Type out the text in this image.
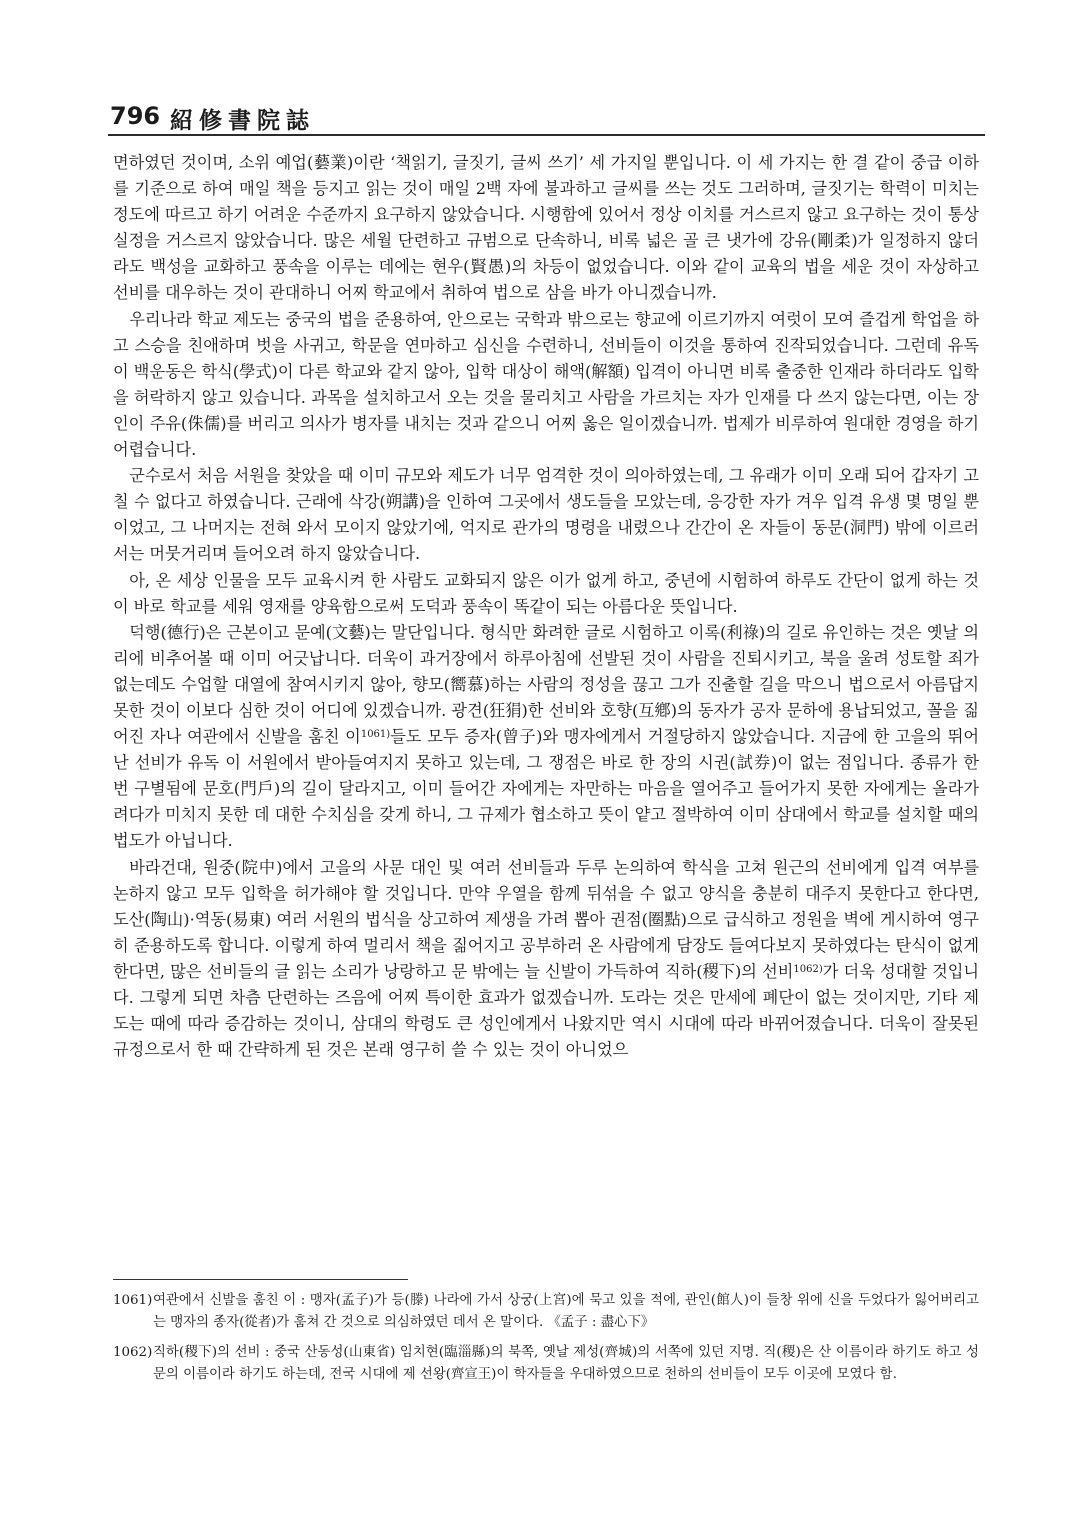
796 紹修書院誌

면하였던 것이며, 소위 예업(藝業)이란 ‘책읽기, 글짓기, 글씨 쓰기’ 세 가지일 뿐입니다. 이 세 가지는 한 결 같이 중급 이하를 기준으로 하여 매일 책을 등지고 읽는 것이 매일 2백 자에 불과하고 글씨를 쓰는 것도 그러하며, 글짓기는 학력이 미치는 정도에 따르고 하기 어려운 수준까지 요구하지 않았습니다. 시행함에 있어서 정상 이치를 거스르지 않고 요구하는 것이 통상 실정을 거스르지 않았습니다. 많은 세월 단련하고 규범으로 단속하니, 비록 넓은 골 큰 냇가에 강유(剛柔)가 일정하지 않더라도 백성을 교화하고 풍속을 이루는 데에는 현우(賢愚)의 차등이 없었습니다. 이와 같이 교육의 법을 세운 것이 자상하고 선비를 대우하는 것이 관대하니 어찌 학교에서 취하여 법으로 삼을 바가 아니겠습니까.

우리나라 학교 제도는 중국의 법을 준용하여, 안으로는 국학과 밖으로는 향교에 이르기까지 여럿이 모여 즐겁게 학업을 하고 스승을 친애하며 벗을 사귀고, 학문을 연마하고 심신을 수련하니, 선비들이 이것을 통하여 진작되었습니다. 그런데 유독 이 백운동은 학식(學式)이 다른 학교와 같지 않아, 입학 대상이 해액(解額) 입격이 아니면 비록 출중한 인재라 하더라도 입학을 허락하지 않고 있습니다. 과목을 설치하고서 오는 것을 물리치고 사람을 가르치는 자가 인재를 다 쓰지 않는다면, 이는 장인이 주유(侏儒)를 버리고 의사가 병자를 내치는 것과 같으니 어찌 옳은 일이겠습니까. 법제가 비루하여 원대한 경영을 하기 어렵습니다.

군수로서 처음 서원을 찾았을 때 이미 규모와 제도가 너무 엄격한 것이 의아하였는데, 그 유래가 이미 오래 되어 갑자기 고칠 수 없다고 하였습니다. 근래에 삭강(朔講)을 인하여 그곳에서 생도들을 모았는데, 응강한 자가 겨우 입격 유생 몇 명일 뿐이었고, 그 나머지는 전혀 와서 모이지 않았기에, 억지로 관가의 명령을 내렸으나 간간이 온 자들이 동문(洞門) 밖에 이르러서는 머뭇거리며 들어오려 하지 않았습니다.

아, 온 세상 인물을 모두 교육시켜 한 사람도 교화되지 않은 이가 없게 하고, 중년에 시험하여 하루도 간단이 없게 하는 것이 바로 학교를 세워 영재를 양육함으로써 도덕과 풍속이 똑같이 되는 아름다운 뜻입니다.

덕행(德行)은 근본이고 문예(文藝)는 말단입니다. 형식만 화려한 글로 시험하고 이록(利祿)의 길로 유인하는 것은 옛날 의리에 비추어볼 때 이미 어긋납니다. 더욱이 과거장에서 하루아침에 선발된 것이 사람을 진퇴시키고, 북을 울려 성토할 죄가 없는데도 수업할 대열에 참여시키지 않아, 향모(嚮慕)하는 사람의 정성을 끊고 그가 진출할 길을 막으니 법으로서 아름답지 못한 것이 이보다 심한 것이 어디에 있겠습니까. 광견(狂狷)한 선비와 호향(互鄕)의 동자가 공자 문하에 용납되었고, 꼴을 짊어진 자나 여관에서 신발을 훔친 이$^{1061)}$들도 모두 증자(曾子)와 맹자에게서 거절당하지 않았습니다. 지금에 한 고을의 뛰어난 선비가 유독 이 서원에서 받아들여지지 못하고 있는데, 그 쟁점은 바로 한 장의 시권(試券)이 없는 점입니다. 종류가 한 번 구별됨에 문호(門戶)의 길이 달라지고, 이미 들어간 자에게는 자만하는 마음을 열어주고 들어가지 못한 자에게는 올라가려다가 미치지 못한 데 대한 수치심을 갖게 하니, 그 규제가 협소하고 뜻이 얕고 절박하여 이미 삼대에서 학교를 설치할 때의 법도가 아닙니다.

바라건대, 원중(院中)에서 고을의 사문 대인 및 여러 선비들과 두루 논의하여 학식을 고쳐 원근의 선비에게 입격 여부를 논하지 않고 모두 입학을 허가해야 할 것입니다. 만약 우열을 함께 뒤섞을 수 없고 양식을 충분히 대주지 못한다고 한다면, 도산(陶山)·역동(易東) 여러 서원의 법식을 상고하여 제생을 가려 뽑아 권점(圈點)으로 급식하고 정원을 벽에 게시하여 영구히 준용하도록 합니다. 이렇게 하여 멀리서 책을 짊어지고 공부하러 온 사람에게 담장도 들여다보지 못하였다는 탄식이 없게 한다면, 많은 선비들의 글 읽는 소리가 낭랑하고 문 밖에는 늘 신발이 가득하여 직하(稷下)의 선비$^{1062)}$가 더욱 성대할 것입니다. 그렇게 되면 차츰 단련하는 즈음에 어찌 특이한 효과가 없겠습니까. 도라는 것은 만세에 폐단이 없는 것이지만, 기타 제도는 때에 따라 증감하는 것이니, 삼대의 학령도 큰 성인에게서 나왔지만 역시 시대에 따라 바뀌어졌습니다. 더욱이 잘못된 규정으로서 한 때 간략하게 된 것은 본래 영구히 쓸 수 있는 것이 아니었으

1061) 여관에서 신발을 훔친 이 : 맹자(孟子)가 등(滕) 나라에 가서 상궁(上宮)에 묵고 있을 적에, 관인(館人)이 들창 위에 신을 두었다가 잃어버리고는 맹자의 종자(從者)가 훔쳐 간 것으로 의심하였던 데서 온 말이다. 《孟子 : 盡心下》
1062) 직하(稷下)의 선비 : 중국 산동성(山東省) 임치현(臨淄縣)의 북쪽, 옛날 제성(齊城)의 서쪽에 있던 지명. 직(稷)은 산 이름이라 하기도 하고 성문의 이름이라 하기도 하는데, 전국 시대에 제 선왕(齊宣王)이 학자들을 우대하였으므로 천하의 선비들이 모두 이곳에 모였다 함.
